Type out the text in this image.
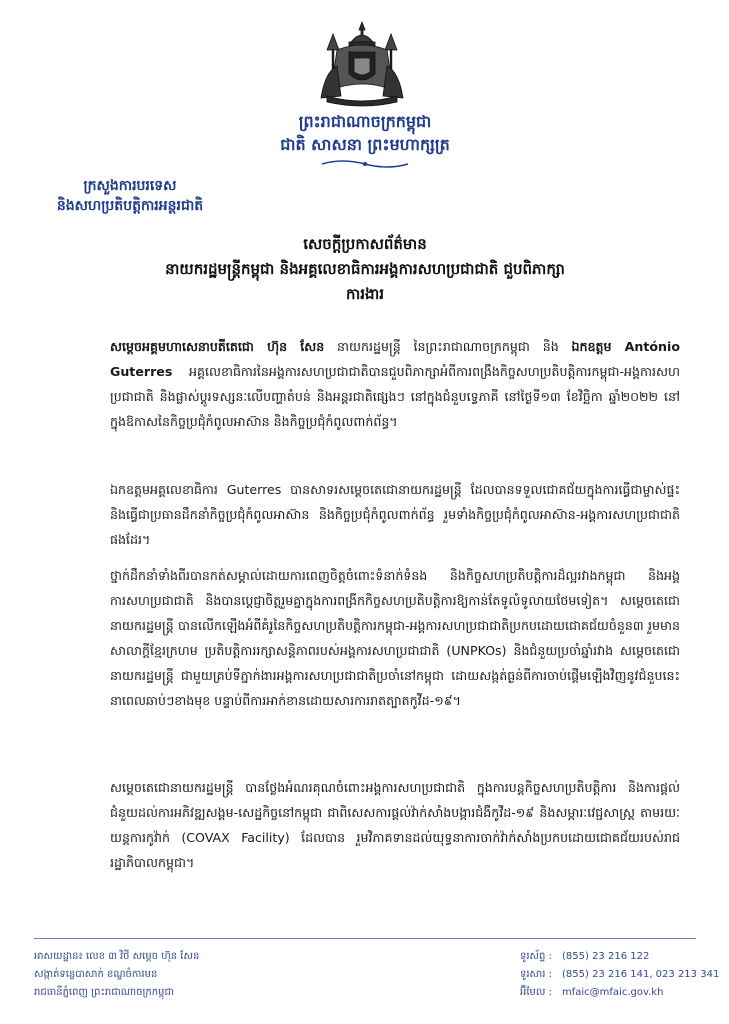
ព្រះរាជាណាចក្រកម្ពុជា
ជាតិ សាសនា ព្រះមហាក្សត្រ
ក្រសួងការបរទេស
និងសហប្រតិបត្តិការអន្តរជាតិ
សេចក្តីប្រកាសព័ត៌មាន
នាយករដ្ឋមន្ត្រីកម្ពុជា និងអគ្គលេខាធិការអង្គការសហប្រជាជាតិ ជួបពិភាក្សា
ការងារ
សម្តេចអគ្គមហាសេនាបតីតេជោ ហ៊ុន សែន នាយករដ្ឋមន្ត្រី នៃព្រះរាជាណាចក្រកម្ពុជា និង ឯកឧត្តម António Guterres អគ្គលេខាធិការនៃអង្គការសហប្រជាជាតិបានជួបពិភាក្សាអំពីការពង្រឹងកិច្ចសហប្រតិបត្តិការកម្ពុជា-អង្គការសហប្រជាជាតិ និងផ្លាស់ប្តូរទស្សនៈលើបញ្ហាតំបន់ និងអន្តរជាតិផ្សេងៗ នៅក្នុងជំនួបទ្វេភាគី នៅថ្ងៃទី១៣ ខែវិច្ឆិកា ឆ្នាំ២០២២ នៅក្នុងឱកាសនៃកិច្ចប្រជុំកំពូលអាស៊ាន និងកិច្ចប្រជុំកំពូលពាក់ព័ន្ធ។
ឯកឧត្តមអគ្គលេខាធិការ Guterres បានសាទរសម្តេចតេជោនាយករដ្ឋមន្ត្រី ដែលបានទទួលជោគជ័យក្នុងការធ្វើជាម្ចាស់ផ្ទះ និងធ្វើជាប្រធានដឹកនាំកិច្ចប្រជុំកំពូលអាស៊ាន និងកិច្ចប្រជុំកំពូលពាក់ព័ន្ធ រួមទាំងកិច្ចប្រជុំកំពូលអាស៊ាន-អង្គការសហប្រជាជាតិផងដែរ។
ថ្នាក់ដឹកនាំទាំងពីរបានកត់សម្គាល់ដោយការពេញចិត្តចំពោះទំនាក់ទំនង និងកិច្ចសហប្រតិបត្តិការដ៏ល្អរវាងកម្ពុជា និងអង្គការសហប្រជាជាតិ និងបានប្តេជ្ញាចិត្តរួមគ្នាក្នុងការពង្រីកកិច្ចសហប្រតិបត្តិការឱ្យកាន់តែទូលំទូលាយថែមទៀត។ សម្តេចតេជោនាយករដ្ឋមន្ត្រី បានលើកឡើងអំពីគំរូនៃកិច្ចសហប្រតិបត្តិការកម្ពុជា-អង្គការសហប្រជាជាតិប្រកបដោយជោគជ័យចំនួន៣ រួមមាន សាលាក្តីខ្មែរក្រហម ប្រតិបត្តិការរក្សាសន្តិភាពរបស់អង្គការសហប្រជាជាតិ (UNPKOs) និងជំនួយប្រចាំឆ្នាំរវាង សម្តេចតេជោនាយករដ្ឋមន្ត្រី ជាមួយគ្រប់ទីភ្នាក់ងារអង្គការសហប្រជាជាតិប្រចាំនៅកម្ពុជា ដោយសង្កត់ធ្ងន់ពីការចាប់ផ្តើមឡើងវិញនូវជំនួបនេះ នាពេលឆាប់ៗខាងមុខ បន្ទាប់ពីការអាក់ខានដោយសារការរាតត្បាតកូវីដ-១៩។
សម្តេចតេជោនាយករដ្ឋមន្ត្រី បានថ្លែងអំណរគុណចំពោះអង្គការសហប្រជាជាតិ ក្នុងការបន្តកិច្ចសហប្រតិបត្តិការ និងការផ្តល់ជំនួយដល់ការអភិវឌ្ឍសង្គម-សេដ្ឋកិច្ចនៅកម្ពុជា ជាពិសេសការផ្តល់វ៉ាក់សាំងបង្ការជំងឺកូវីដ-១៩ និងសម្ភារៈវេជ្ជសាស្ត្រ តាមរយៈយន្តការកូវ៉ាក់ (COVAX Facility) ដែលបាន រួមវិភាគទានដល់យុទ្ធនាការចាក់វ៉ាក់សាំងប្រកបដោយជោគជ័យរបស់រាជរដ្ឋាភិបាលកម្ពុជា។
អាសយដ្ឋាន៖ លេខ ៣ វិថី សម្តេច ហ៊ុន សែន
សង្កាត់ទន្លេបាសាក់ ខណ្ឌចំការមន
រាជធានីភ្នំពេញ ព្រះរាជាណាចក្រកម្ពុជា
ទូរស័ព្ទ : (855) 23 216 122
ទូរសារ : (855) 23 216 141, 023 213 341
អ៊ីមែល : mfaic@mfaic.gov.kh
